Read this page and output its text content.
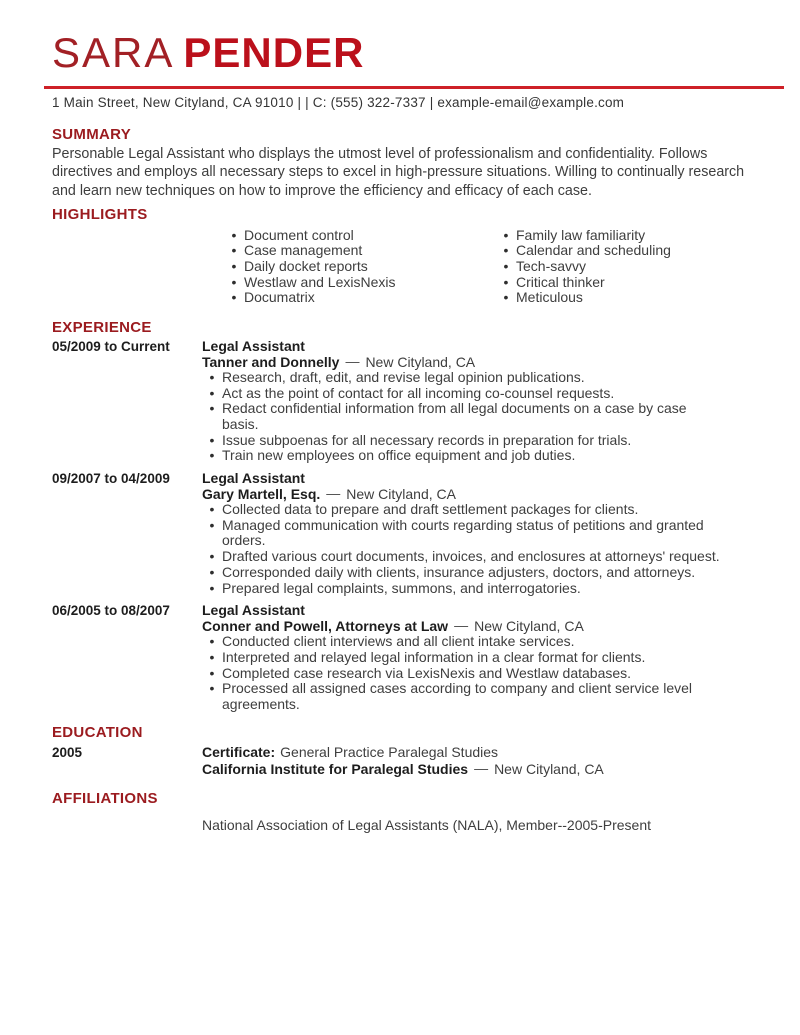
SARA PENDER
1 Main Street, New Cityland, CA 91010 | | C: (555) 322-7337 | example-email@example.com
SUMMARY
Personable Legal Assistant who displays the utmost level of professionalism and confidentiality. Follows directives and employs all necessary steps to excel in high-pressure situations. Willing to continually research and learn new techniques on how to improve the efficiency and efficacy of each case.
HIGHLIGHTS
• Document control
• Case management
• Daily docket reports
• Westlaw and LexisNexis
• Documatrix
• Family law familiarity
• Calendar and scheduling
• Tech-savvy
• Critical thinker
• Meticulous
EXPERIENCE
05/2009 to Current	Legal Assistant
Tanner and Donnelly — New Cityland, CA
• Research, draft, edit, and revise legal opinion publications.
• Act as the point of contact for all incoming co-counsel requests.
• Redact confidential information from all legal documents on a case by case basis.
• Issue subpoenas for all necessary records in preparation for trials.
• Train new employees on office equipment and job duties.
09/2007 to 04/2009	Legal Assistant
Gary Martell, Esq. — New Cityland, CA
• Collected data to prepare and draft settlement packages for clients.
• Managed communication with courts regarding status of petitions and granted orders.
• Drafted various court documents, invoices, and enclosures at attorneys' request.
• Corresponded daily with clients, insurance adjusters, doctors, and attorneys.
• Prepared legal complaints, summons, and interrogatories.
06/2005 to 08/2007	Legal Assistant
Conner and Powell, Attorneys at Law — New Cityland, CA
• Conducted client interviews and all client intake services.
• Interpreted and relayed legal information in a clear format for clients.
• Completed case research via LexisNexis and Westlaw databases.
• Processed all assigned cases according to company and client service level agreements.
EDUCATION
2005	Certificate: General Practice Paralegal Studies
California Institute for Paralegal Studies — New Cityland, CA
AFFILIATIONS
National Association of Legal Assistants (NALA), Member--2005-Present
